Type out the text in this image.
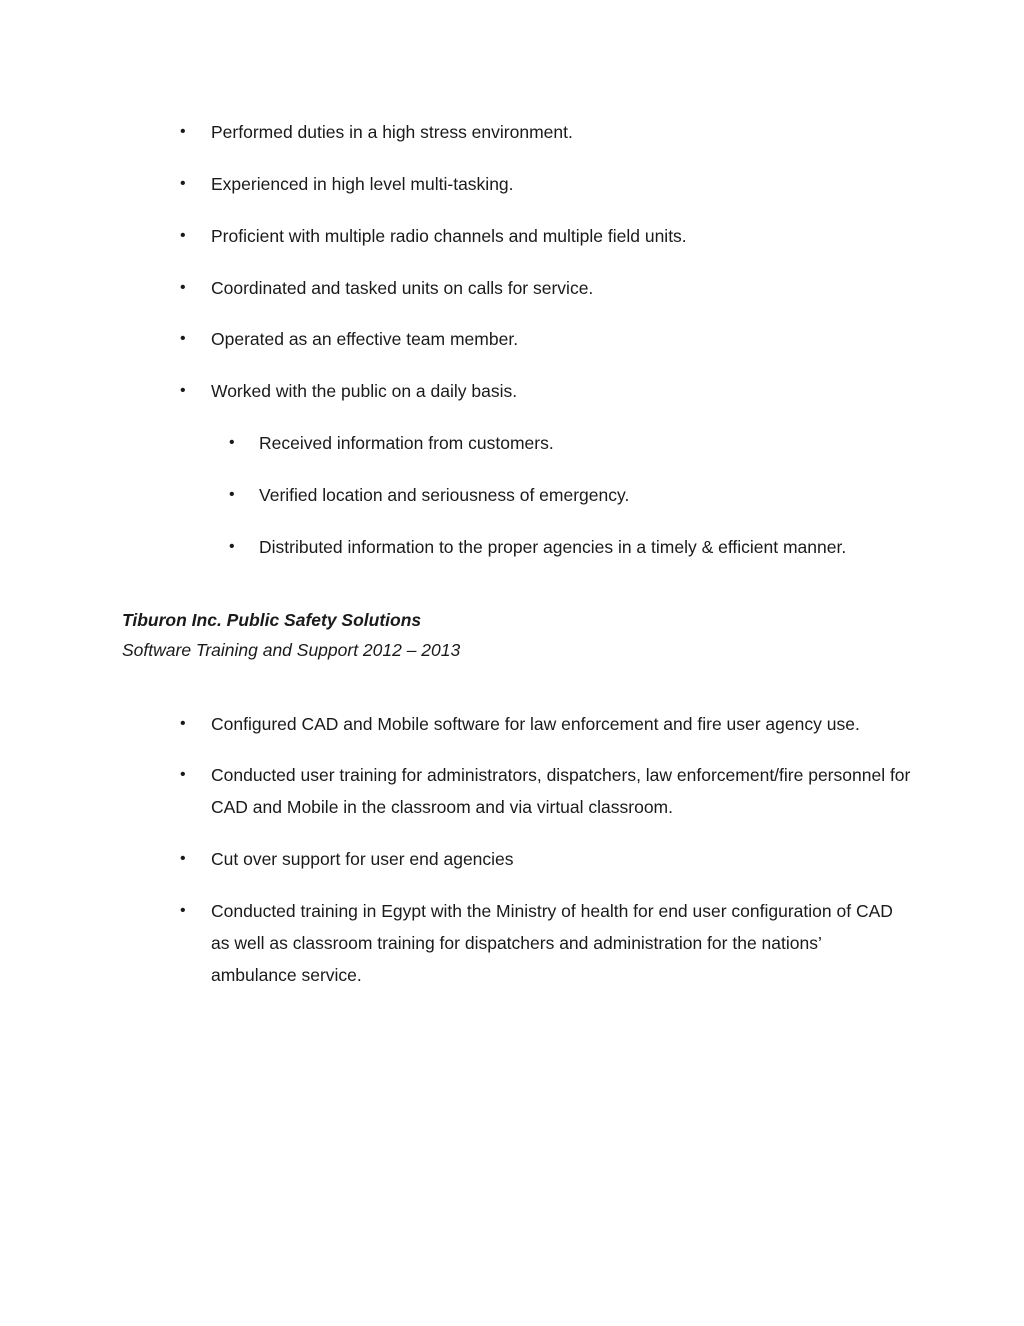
• Performed duties in a high stress environment.
• Experienced in high level multi-tasking.
• Proficient with multiple radio channels and multiple field units.
• Coordinated and tasked units on calls for service.
• Operated as an effective team member.
• Worked with the public on a daily basis.
• Received information from customers.
• Verified location and seriousness of emergency.
• Distributed information to the proper agencies in a timely & efficient manner.
Tiburon Inc. Public Safety Solutions
Software Training and Support 2012 – 2013
• Configured CAD and Mobile software for law enforcement and fire user agency use.
• Conducted user training for administrators, dispatchers, law enforcement/fire personnel for CAD and Mobile in the classroom and via virtual classroom.
• Cut over support for user end agencies
• Conducted training in Egypt with the Ministry of health for end user configuration of CAD as well as classroom training for dispatchers and administration for the nations’ ambulance service.
